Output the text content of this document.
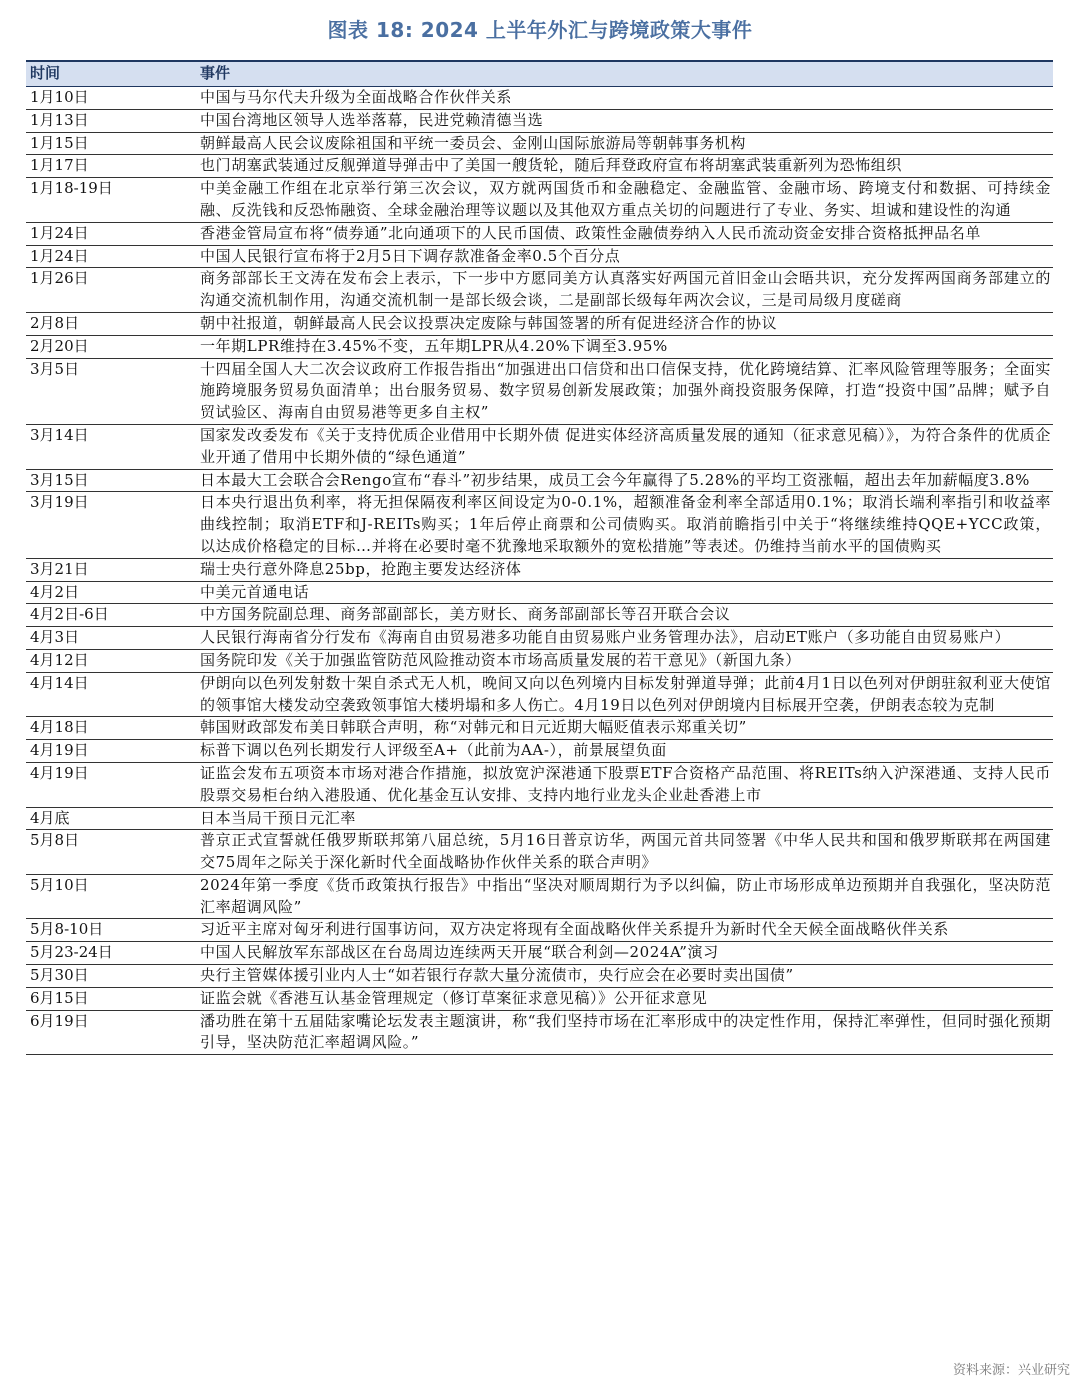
图表 18: 2024 上半年外汇与跨境政策大事件
时间	事件
1月10日	中国与马尔代夫升级为全面战略合作伙伴关系
1月13日	中国台湾地区领导人选举落幕，民进党赖清德当选
1月15日	朝鲜最高人民会议废除祖国和平统一委员会、金刚山国际旅游局等朝韩事务机构
1月17日	也门胡塞武装通过反舰弹道导弹击中了美国一艘货轮，随后拜登政府宣布将胡塞武装重新列为恐怖组织
1月18-19日	中美金融工作组在北京举行第三次会议，双方就两国货币和金融稳定、金融监管、金融市场、跨境支付和数据、可持续金融、反洗钱和反恐怖融资、全球金融治理等议题以及其他双方重点关切的问题进行了专业、务实、坦诚和建设性的沟通
1月24日	香港金管局宣布将“债券通”北向通项下的人民币国债、政策性金融债券纳入人民币流动资金安排合资格抵押品名单
1月24日	中国人民银行宣布将于2月5日下调存款准备金率0.5个百分点
1月26日	商务部部长王文涛在发布会上表示，下一步中方愿同美方认真落实好两国元首旧金山会晤共识，充分发挥两国商务部建立的沟通交流机制作用，沟通交流机制一是部长级会谈，二是副部长级每年两次会议，三是司局级月度磋商
2月8日	朝中社报道，朝鲜最高人民会议投票决定废除与韩国签署的所有促进经济合作的协议
2月20日	一年期LPR维持在3.45%不变，五年期LPR从4.20%下调至3.95%
3月5日	十四届全国人大二次会议政府工作报告指出“加强进出口信贷和出口信保支持，优化跨境结算、汇率风险管理等服务；全面实施跨境服务贸易负面清单；出台服务贸易、数字贸易创新发展政策；加强外商投资服务保障，打造“投资中国”品牌；赋予自贸试验区、海南自由贸易港等更多自主权”
3月14日	国家发改委发布《关于支持优质企业借用中长期外债 促进实体经济高质量发展的通知（征求意见稿）》，为符合条件的优质企业开通了借用中长期外债的“绿色通道”
3月15日	日本最大工会联合会Rengo宣布“春斗”初步结果，成员工会今年赢得了5.28%的平均工资涨幅，超出去年加薪幅度3.8%
3月19日	日本央行退出负利率，将无担保隔夜利率区间设定为0-0.1%，超额准备金利率全部适用0.1%；取消长端利率指引和收益率曲线控制；取消ETF和J-REITs购买；1年后停止商票和公司债购买。取消前瞻指引中关于“将继续维持QQE+YCC政策，以达成价格稳定的目标…并将在必要时毫不犹豫地采取额外的宽松措施”等表述。仍维持当前水平的国债购买
3月21日	瑞士央行意外降息25bp，抢跑主要发达经济体
4月2日	中美元首通电话
4月2日-6日	中方国务院副总理、商务部副部长，美方财长、商务部副部长等召开联合会议
4月3日	人民银行海南省分行发布《海南自由贸易港多功能自由贸易账户业务管理办法》，启动ET账户（多功能自由贸易账户）
4月12日	国务院印发《关于加强监管防范风险推动资本市场高质量发展的若干意见》（新国九条）
4月14日	伊朗向以色列发射数十架自杀式无人机，晚间又向以色列境内目标发射弹道导弹；此前4月1日以色列对伊朗驻叙利亚大使馆的领事馆大楼发动空袭致领事馆大楼坍塌和多人伤亡。4月19日以色列对伊朗境内目标展开空袭，伊朗表态较为克制
4月18日	韩国财政部发布美日韩联合声明，称“对韩元和日元近期大幅贬值表示郑重关切”
4月19日	标普下调以色列长期发行人评级至A+（此前为AA-），前景展望负面
4月19日	证监会发布五项资本市场对港合作措施，拟放宽沪深港通下股票ETF合资格产品范围、将REITs纳入沪深港通、支持人民币股票交易柜台纳入港股通、优化基金互认安排、支持内地行业龙头企业赴香港上市
4月底	日本当局干预日元汇率
5月8日	普京正式宣誓就任俄罗斯联邦第八届总统，5月16日普京访华，两国元首共同签署《中华人民共和国和俄罗斯联邦在两国建交75周年之际关于深化新时代全面战略协作伙伴关系的联合声明》
5月10日	2024年第一季度《货币政策执行报告》中指出“坚决对顺周期行为予以纠偏，防止市场形成单边预期并自我强化，坚决防范汇率超调风险”
5月8-10日	习近平主席对匈牙利进行国事访问，双方决定将现有全面战略伙伴关系提升为新时代全天候全面战略伙伴关系
5月23-24日	中国人民解放军东部战区在台岛周边连续两天开展“联合利剑—2024A”演习
5月30日	央行主管媒体援引业内人士“如若银行存款大量分流债市，央行应会在必要时卖出国债”
6月15日	证监会就《香港互认基金管理规定（修订草案征求意见稿）》公开征求意见
6月19日	潘功胜在第十五届陆家嘴论坛发表主题演讲，称“我们坚持市场在汇率形成中的决定性作用，保持汇率弹性，但同时强化预期引导，坚决防范汇率超调风险。”
资料来源：兴业研究
